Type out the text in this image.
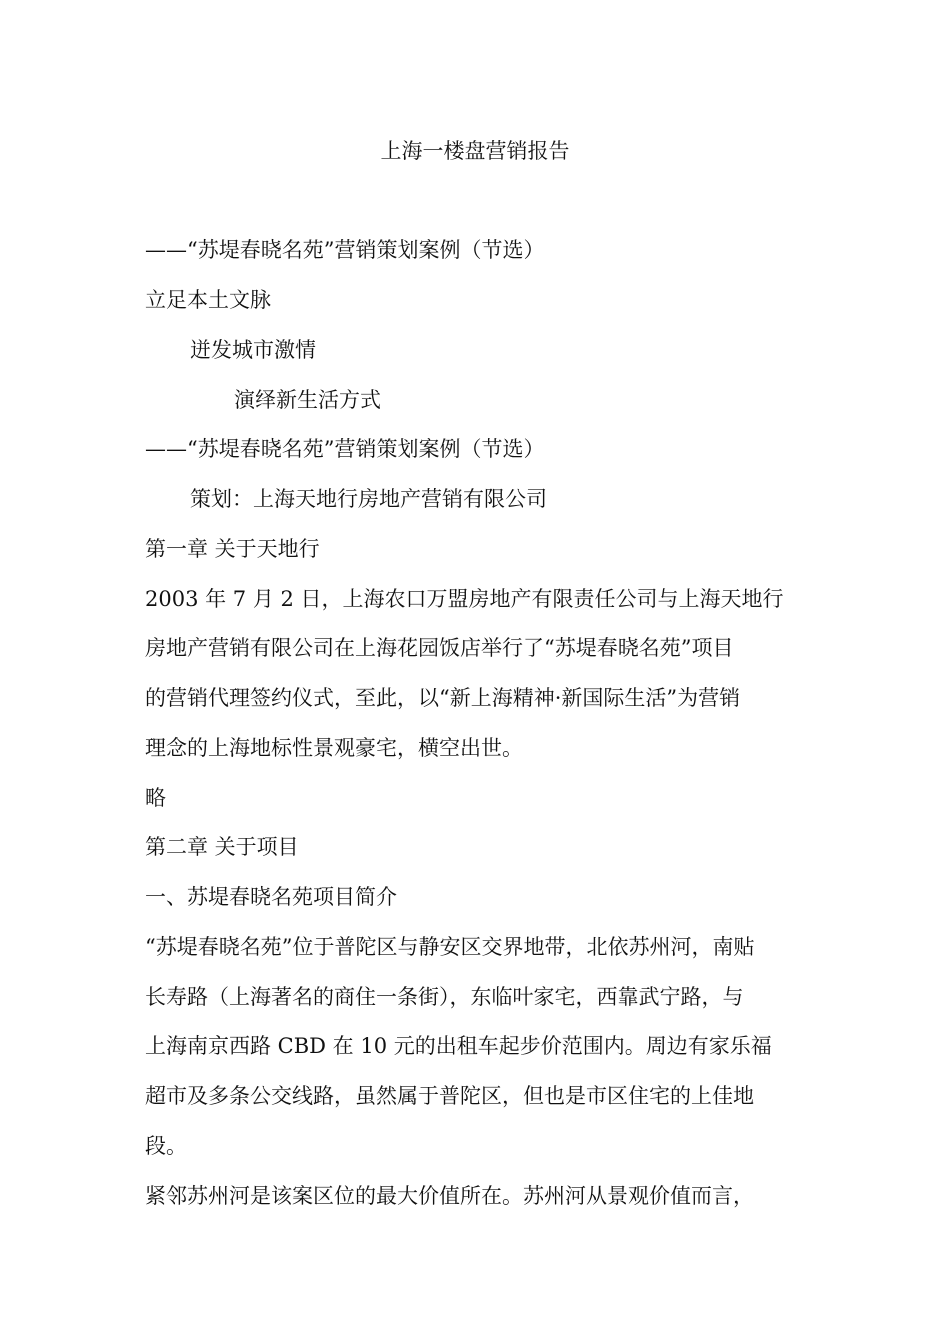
上海一楼盘营销报告
——“苏堤春晓名苑”营销策划案例（节选）
立足本土文脉
迸发城市激情
演绎新生活方式
——“苏堤春晓名苑”营销策划案例（节选）
策划：上海天地行房地产营销有限公司
第一章 关于天地行
2003 年 7 月 2 日，上海农口万盟房地产有限责任公司与上海天地行
房地产营销有限公司在上海花园饭店举行了“苏堤春晓名苑”项目
的营销代理签约仪式，至此，以“新上海精神·新国际生活”为营销
理念的上海地标性景观豪宅，横空出世。
略
第二章 关于项目
一、苏堤春晓名苑项目简介
“苏堤春晓名苑”位于普陀区与静安区交界地带，北依苏州河，南贴
长寿路（上海著名的商住一条街），东临叶家宅，西靠武宁路，与
上海南京西路 CBD 在 10 元的出租车起步价范围内。周边有家乐福
超市及多条公交线路，虽然属于普陀区，但也是市区住宅的上佳地
段。
紧邻苏州河是该案区位的最大价值所在。苏州河从景观价值而言，
